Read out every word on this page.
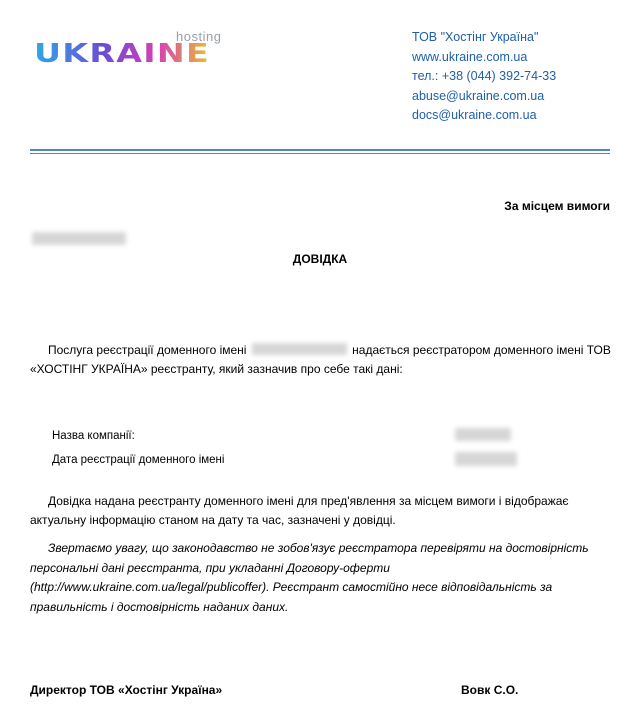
hosting
UKRAINE
ТОВ "Хостінг Україна"
www.ukraine.com.ua
тел.: +38 (044) 392-74-33
abuse@ukraine.com.ua
docs@ukraine.com.ua
За місцем вимоги
ДОВІДКА
Послуга реєстрації доменного імені	надається реєстратором доменного імені ТОВ «ХОСТІНГ УКРАЇНА» реєстранту, який зазначив про себе такі дані:
Назва компанії:
Дата реєстрації доменного імені
Довідка надана реєстранту доменного імені для пред'явлення за місцем вимоги і відображає актуальну інформацію станом на дату та час, зазначені у довідці.
Звертаємо увагу, що законодавство не зобов'язує реєстратора перевіряти на достовірність персональні дані реєстранта, при укладанні Договору-оферти (http://www.ukraine.com.ua/legal/publicoffer). Реєстрант самостійно несе відповідальність за правильність і достовірність наданих даних.
Директор ТОВ «Хостінг Україна»	Вовк С.О.
